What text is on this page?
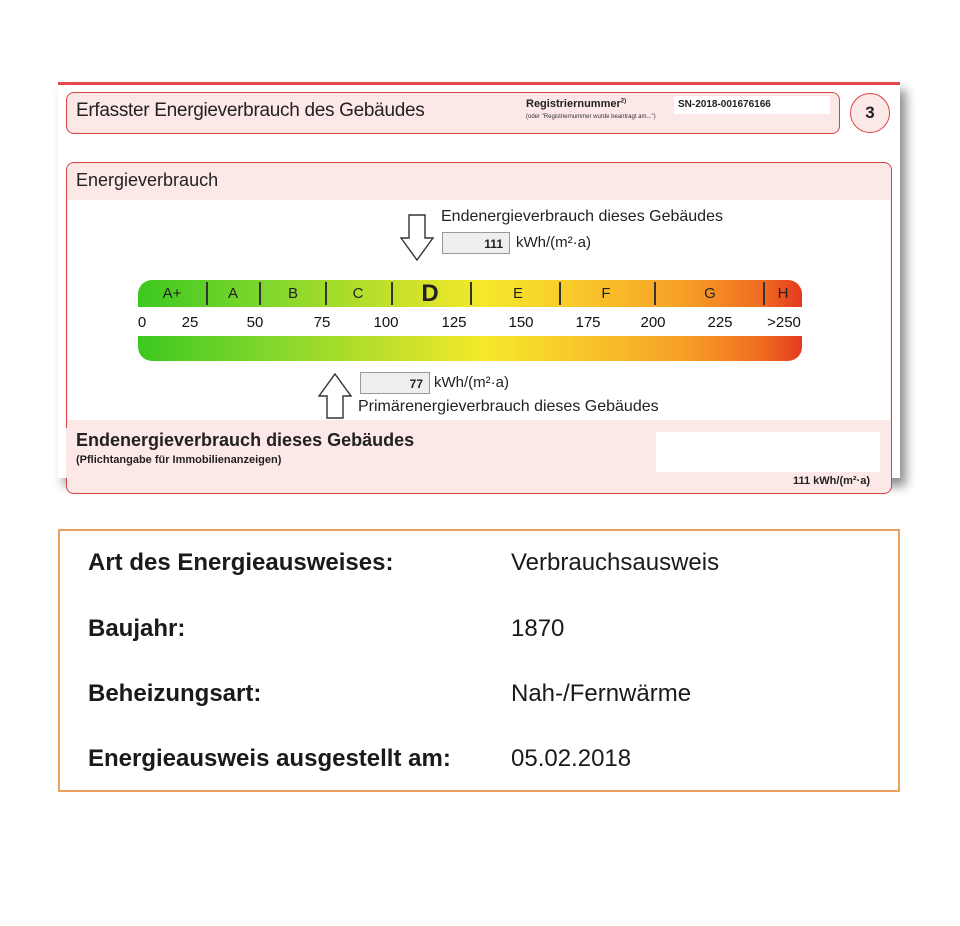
Erfasster Energieverbrauch des Gebäudes	Registriernummer$^{2)}$
(oder "Registriernummer wurde beantragt am...")
SN-2018-001676166	3
Energieverbrauch
Endenergieverbrauch dieses Gebäudes
111 kWh/(m²·a)
A+	A	B	C D	E	F	G	H
0 25	50	75	100	125	150	175	200	225 >250
77 kWh/(m²·a)
Primärenergieverbrauch dieses Gebäudes
Endenergieverbrauch dieses Gebäudes
(Pflichtangabe für Immobilienanzeigen)
111 kWh/(m²·a)
Art des Energieausweises:	Verbrauchsausweis
Baujahr:	1870
Beheizungsart:	Nah-/Fernwärme
Energieausweis ausgestellt am:	05.02.2018
